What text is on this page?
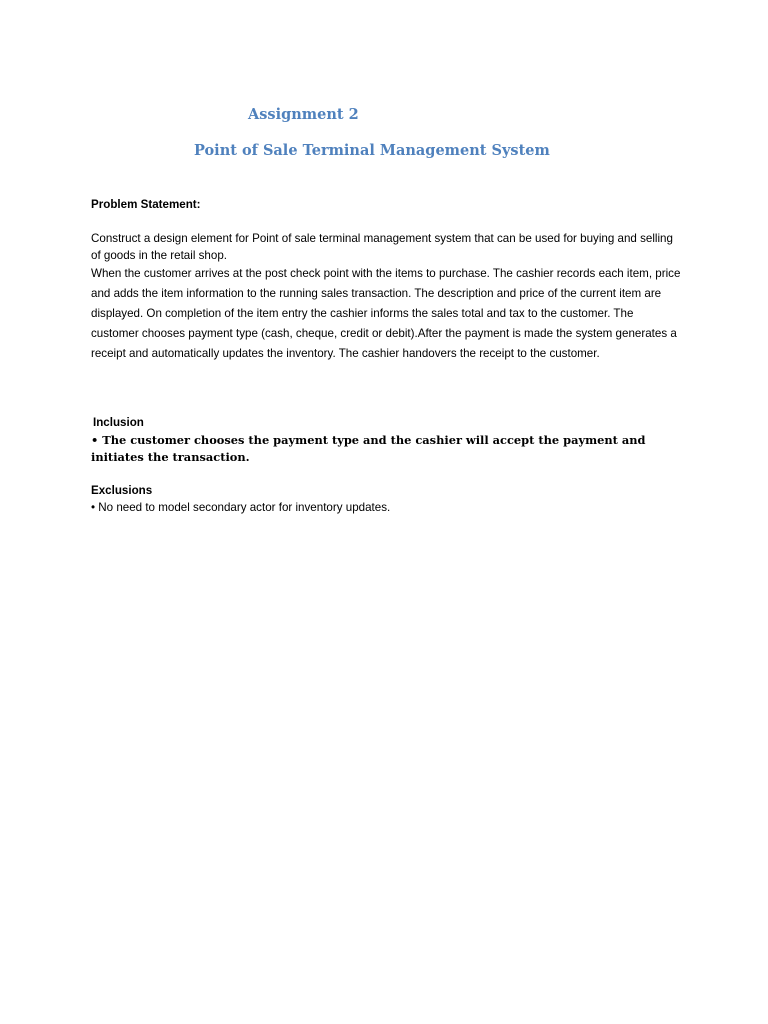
Assignment 2
Point of Sale Terminal Management System

Problem Statement:

Construct a design element for Point of sale terminal management system that can be used for buying and selling of goods in the retail shop.

When the customer arrives at the post check point with the items to purchase. The cashier records each item, price and adds the item information to the running sales transaction. The description and price of the current item are displayed. On completion of the item entry the cashier informs the sales total and tax to the customer. The customer chooses payment type (cash, cheque, credit or debit).After the payment is made the system generates a receipt and automatically updates the inventory. The cashier handovers the receipt to the customer.

Inclusion

• The customer chooses the payment type and the cashier will accept the payment and initiates the transaction.

Exclusions

• No need to model secondary actor for inventory updates.
